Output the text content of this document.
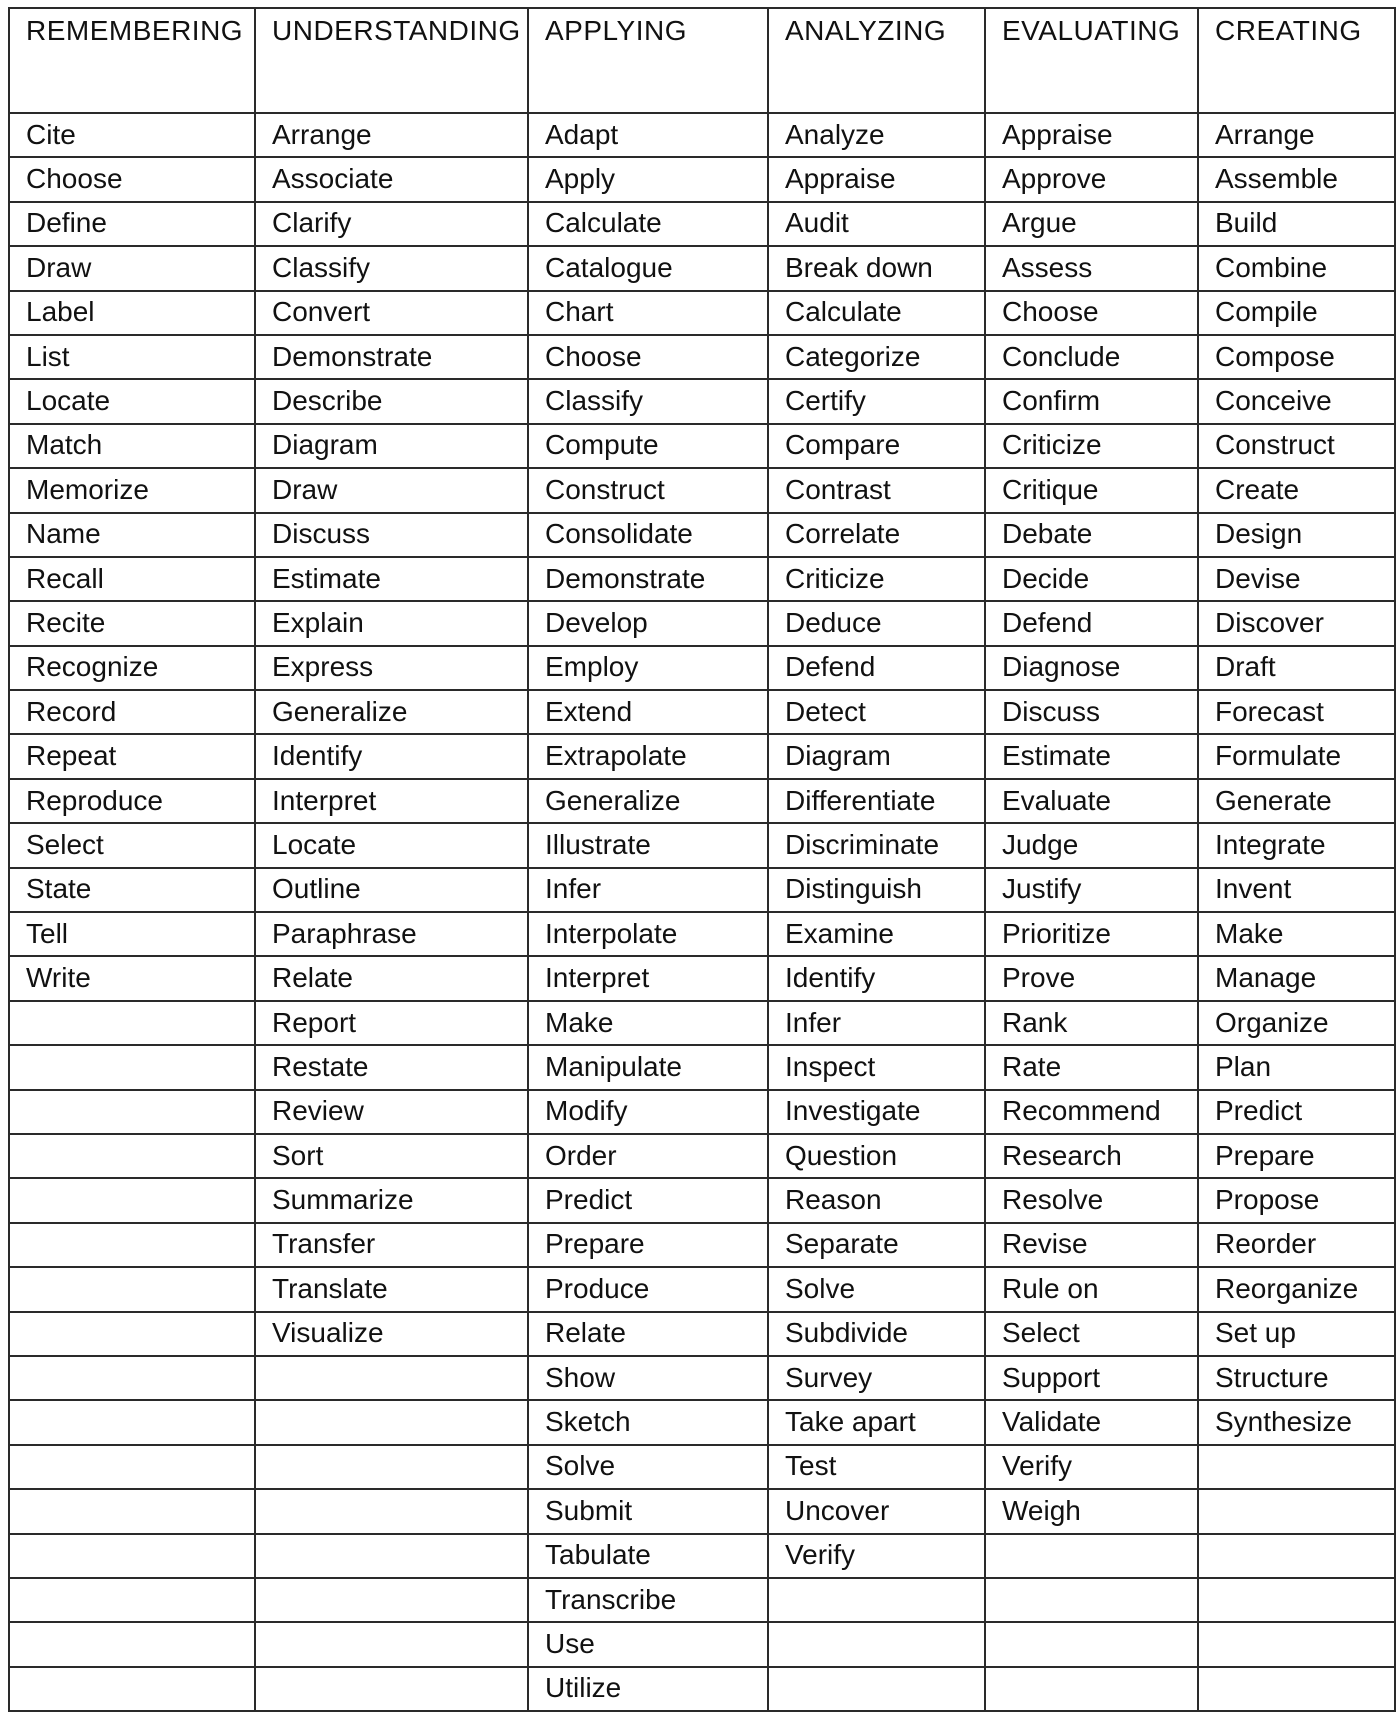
REMEMBERING	UNDERSTANDING	APPLYING	ANALYZING	EVALUATING	CREATING
Cite	Arrange	Adapt	Analyze	Appraise	Arrange
Choose	Associate	Apply	Appraise	Approve	Assemble
Define	Clarify	Calculate	Audit	Argue	Build
Draw	Classify	Catalogue	Break down	Assess	Combine
Label	Convert	Chart	Calculate	Choose	Compile
List	Demonstrate	Choose	Categorize	Conclude	Compose
Locate	Describe	Classify	Certify	Confirm	Conceive
Match	Diagram	Compute	Compare	Criticize	Construct
Memorize	Draw	Construct	Contrast	Critique	Create
Name	Discuss	Consolidate	Correlate	Debate	Design
Recall	Estimate	Demonstrate	Criticize	Decide	Devise
Recite	Explain	Develop	Deduce	Defend	Discover
Recognize	Express	Employ	Defend	Diagnose	Draft
Record	Generalize	Extend	Detect	Discuss	Forecast
Repeat	Identify	Extrapolate	Diagram	Estimate	Formulate
Reproduce	Interpret	Generalize	Differentiate	Evaluate	Generate
Select	Locate	Illustrate	Discriminate	Judge	Integrate
State	Outline	Infer	Distinguish	Justify	Invent
Tell	Paraphrase	Interpolate	Examine	Prioritize	Make
Write	Relate	Interpret	Identify	Prove	Manage
	Report	Make	Infer	Rank	Organize
	Restate	Manipulate	Inspect	Rate	Plan
	Review	Modify	Investigate	Recommend	Predict
	Sort	Order	Question	Research	Prepare
	Summarize	Predict	Reason	Resolve	Propose
	Transfer	Prepare	Separate	Revise	Reorder
	Translate	Produce	Solve	Rule on	Reorganize
	Visualize	Relate	Subdivide	Select	Set up
		Show	Survey	Support	Structure
		Sketch	Take apart	Validate	Synthesize
		Solve	Test	Verify	
		Submit	Uncover	Weigh	
		Tabulate	Verify		
		Transcribe			
		Use			
		Utilize			
